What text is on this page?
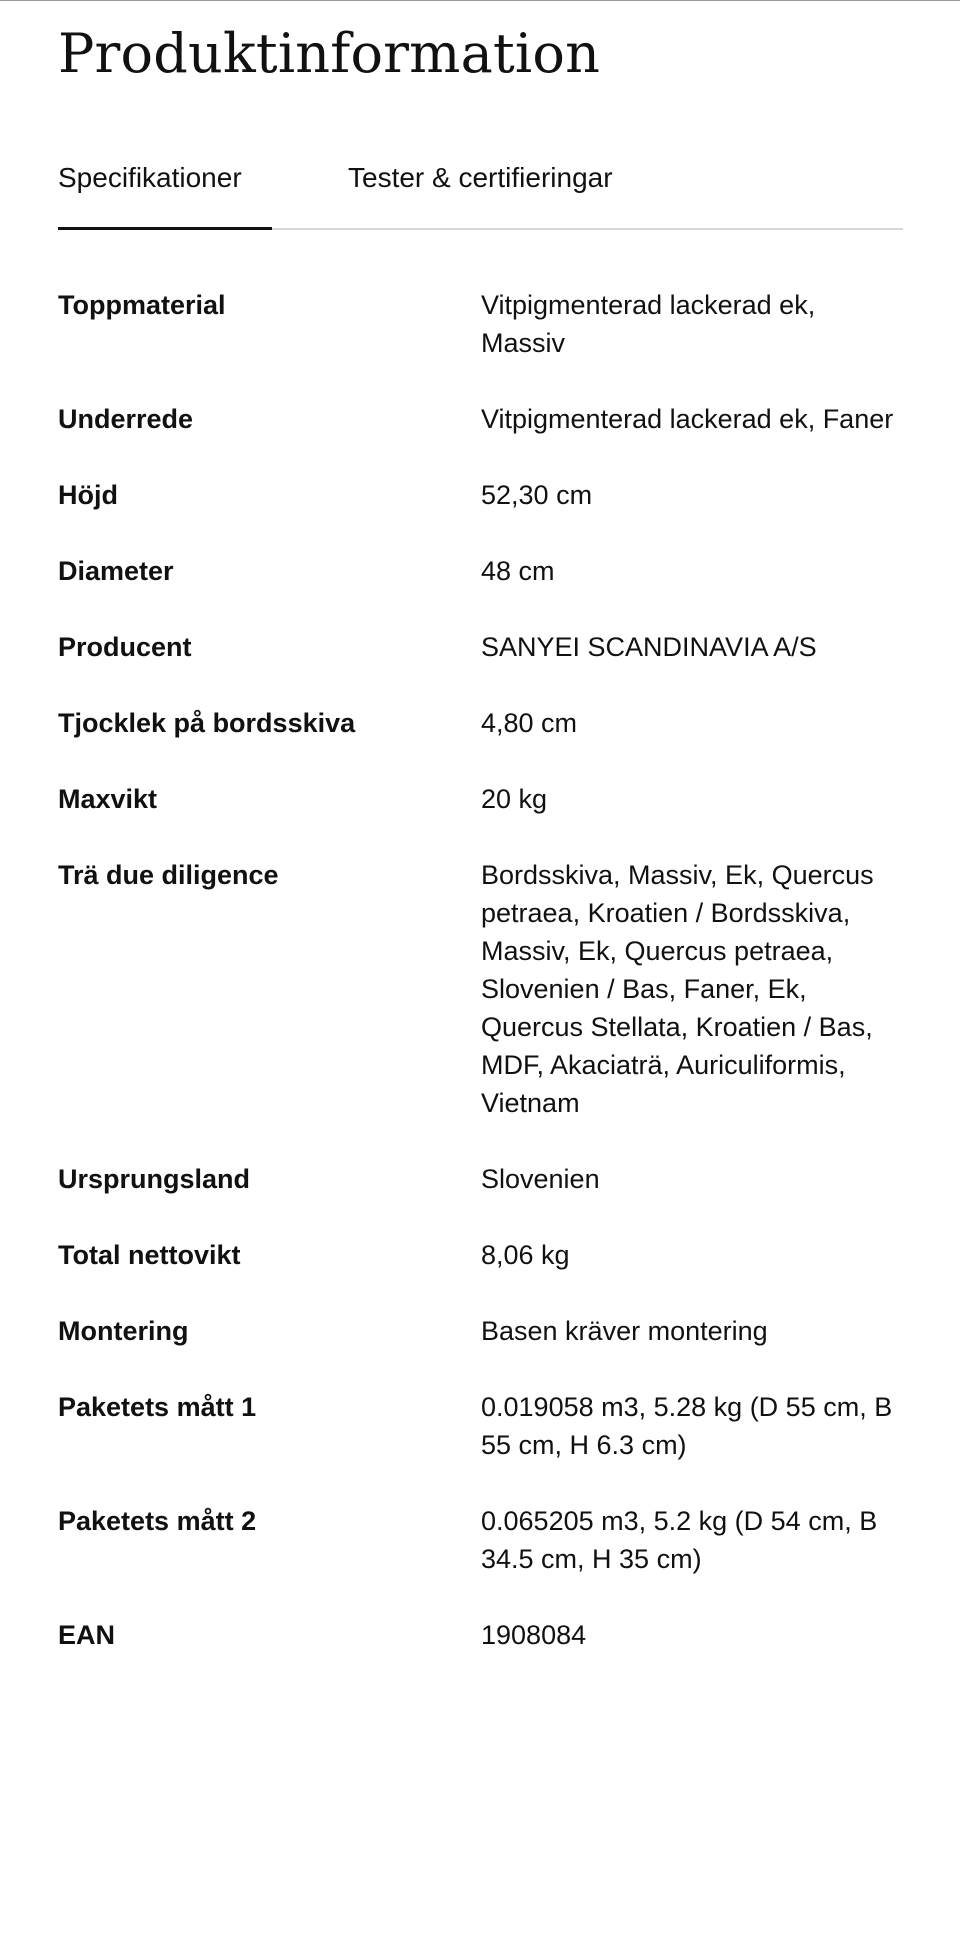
Produktinformation
Specifikationer	Tester & certifieringar
Toppmaterial	Vitpigmenterad lackerad ek, Massiv
Underrede	Vitpigmenterad lackerad ek, Faner
Höjd	52,30 cm
Diameter	48 cm
Producent	SANYEI SCANDINAVIA A/S
Tjocklek på bordsskiva	4,80 cm
Maxvikt	20 kg
Trä due diligence	Bordsskiva, Massiv, Ek, Quercus petraea, Kroatien / Bordsskiva, Massiv, Ek, Quercus petraea, Slovenien / Bas, Faner, Ek, Quercus Stellata, Kroatien / Bas, MDF, Akaciaträ, Auriculiformis, Vietnam
Ursprungsland	Slovenien
Total nettovikt	8,06 kg
Montering	Basen kräver montering
Paketets mått 1	0.019058 m3, 5.28 kg (D 55 cm, B 55 cm, H 6.3 cm)
Paketets mått 2	0.065205 m3, 5.2 kg (D 54 cm, B 34.5 cm, H 35 cm)
EAN	1908084
